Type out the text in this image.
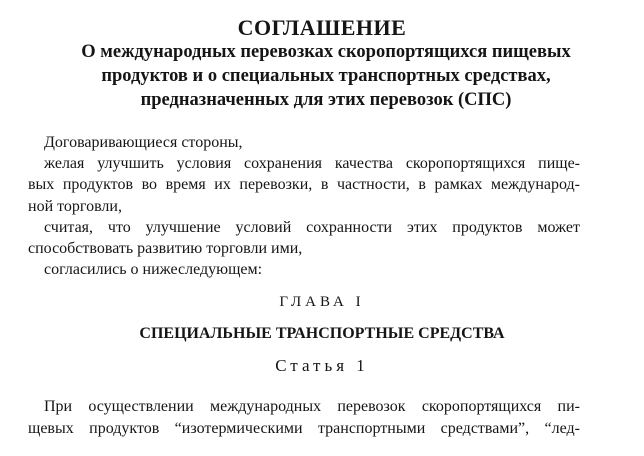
СОГЛАШЕНИЕ
О международных перевозках скоропортящихся пищевых
продуктов и о специальных транспортных средствах,
предназначенных для этих перевозок (СПС)
Договаривающиеся стороны,
желая улучшить условия сохранения качества скоропортящихся пище-
вых продуктов во время их перевозки, в частности, в рамках международ-
ной торговли,
считая, что улучшение условий сохранности этих продуктов может
способствовать развитию торговли ими,
согласились о нижеследующем:
ГЛАВА I
СПЕЦИАЛЬНЫЕ ТРАНСПОРТНЫЕ СРЕДСТВА
Статья 1
При осуществлении международных перевозок скоропортящихся пи-
щевых продуктов “изотермическими транспортными средствами”, “лед-
